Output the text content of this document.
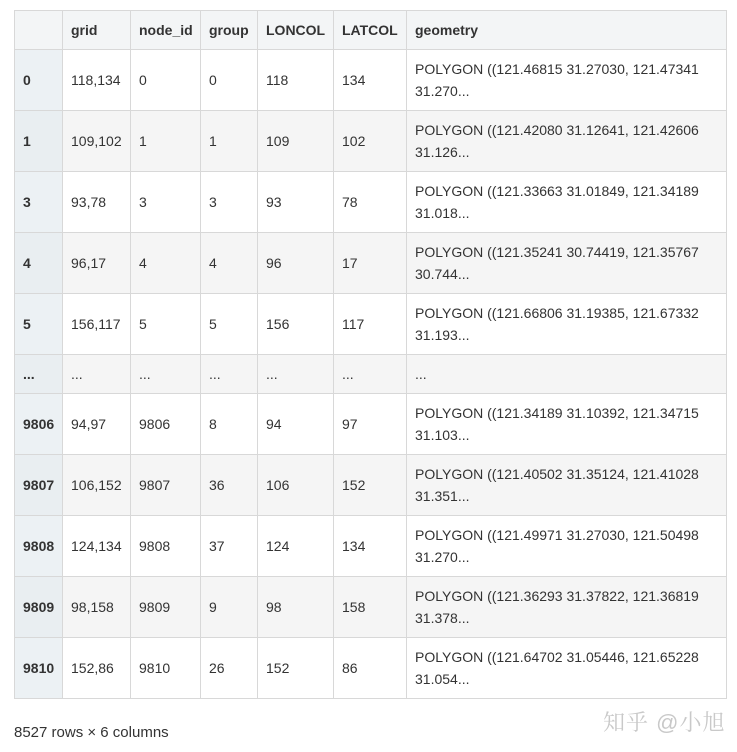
	grid	node_id	group	LONCOL	LATCOL	geometry
0	118,134	0	0	118	134	POLYGON ((121.46815 31.27030, 121.47341 31.270...
1	109,102	1	1	109	102	POLYGON ((121.42080 31.12641, 121.42606 31.126...
3	93,78	3	3	93	78	POLYGON ((121.33663 31.01849, 121.34189 31.018...
4	96,17	4	4	96	17	POLYGON ((121.35241 30.74419, 121.35767 30.744...
5	156,117	5	5	156	117	POLYGON ((121.66806 31.19385, 121.67332 31.193...
...	...	...	...	...	...	...
9806	94,97	9806	8	94	97	POLYGON ((121.34189 31.10392, 121.34715 31.103...
9807	106,152	9807	36	106	152	POLYGON ((121.40502 31.35124, 121.41028 31.351...
9808	124,134	9808	37	124	134	POLYGON ((121.49971 31.27030, 121.50498 31.270...
9809	98,158	9809	9	98	158	POLYGON ((121.36293 31.37822, 121.36819 31.378...
9810	152,86	9810	26	152	86	POLYGON ((121.64702 31.05446, 121.65228 31.054...
8527 rows × 6 columns	知乎 @小旭
